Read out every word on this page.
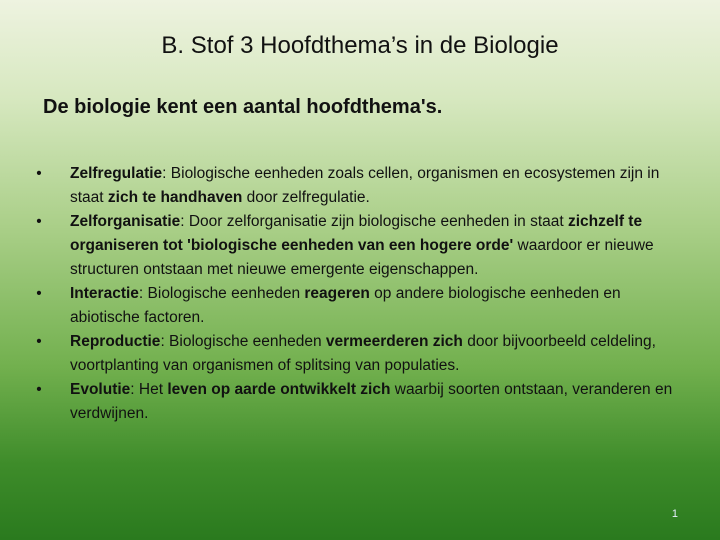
B. Stof 3 Hoofdthema’s in de Biologie
De biologie kent een aantal hoofdthema's.
• Zelfregulatie: Biologische eenheden zoals cellen, organismen en ecosystemen zijn in staat zich te handhaven door zelfregulatie.
• Zelforganisatie: Door zelforganisatie zijn biologische eenheden in staat zichzelf te organiseren tot 'biologische eenheden van een hogere orde' waardoor er nieuwe structuren ontstaan met nieuwe emergente eigenschappen.
• Interactie: Biologische eenheden reageren op andere biologische eenheden en abiotische factoren.
• Reproductie: Biologische eenheden vermeerderen zich door bijvoorbeeld celdeling, voortplanting van organismen of splitsing van populaties.
• Evolutie: Het leven op aarde ontwikkelt zich waarbij soorten ontstaan, veranderen en verdwijnen.
1
